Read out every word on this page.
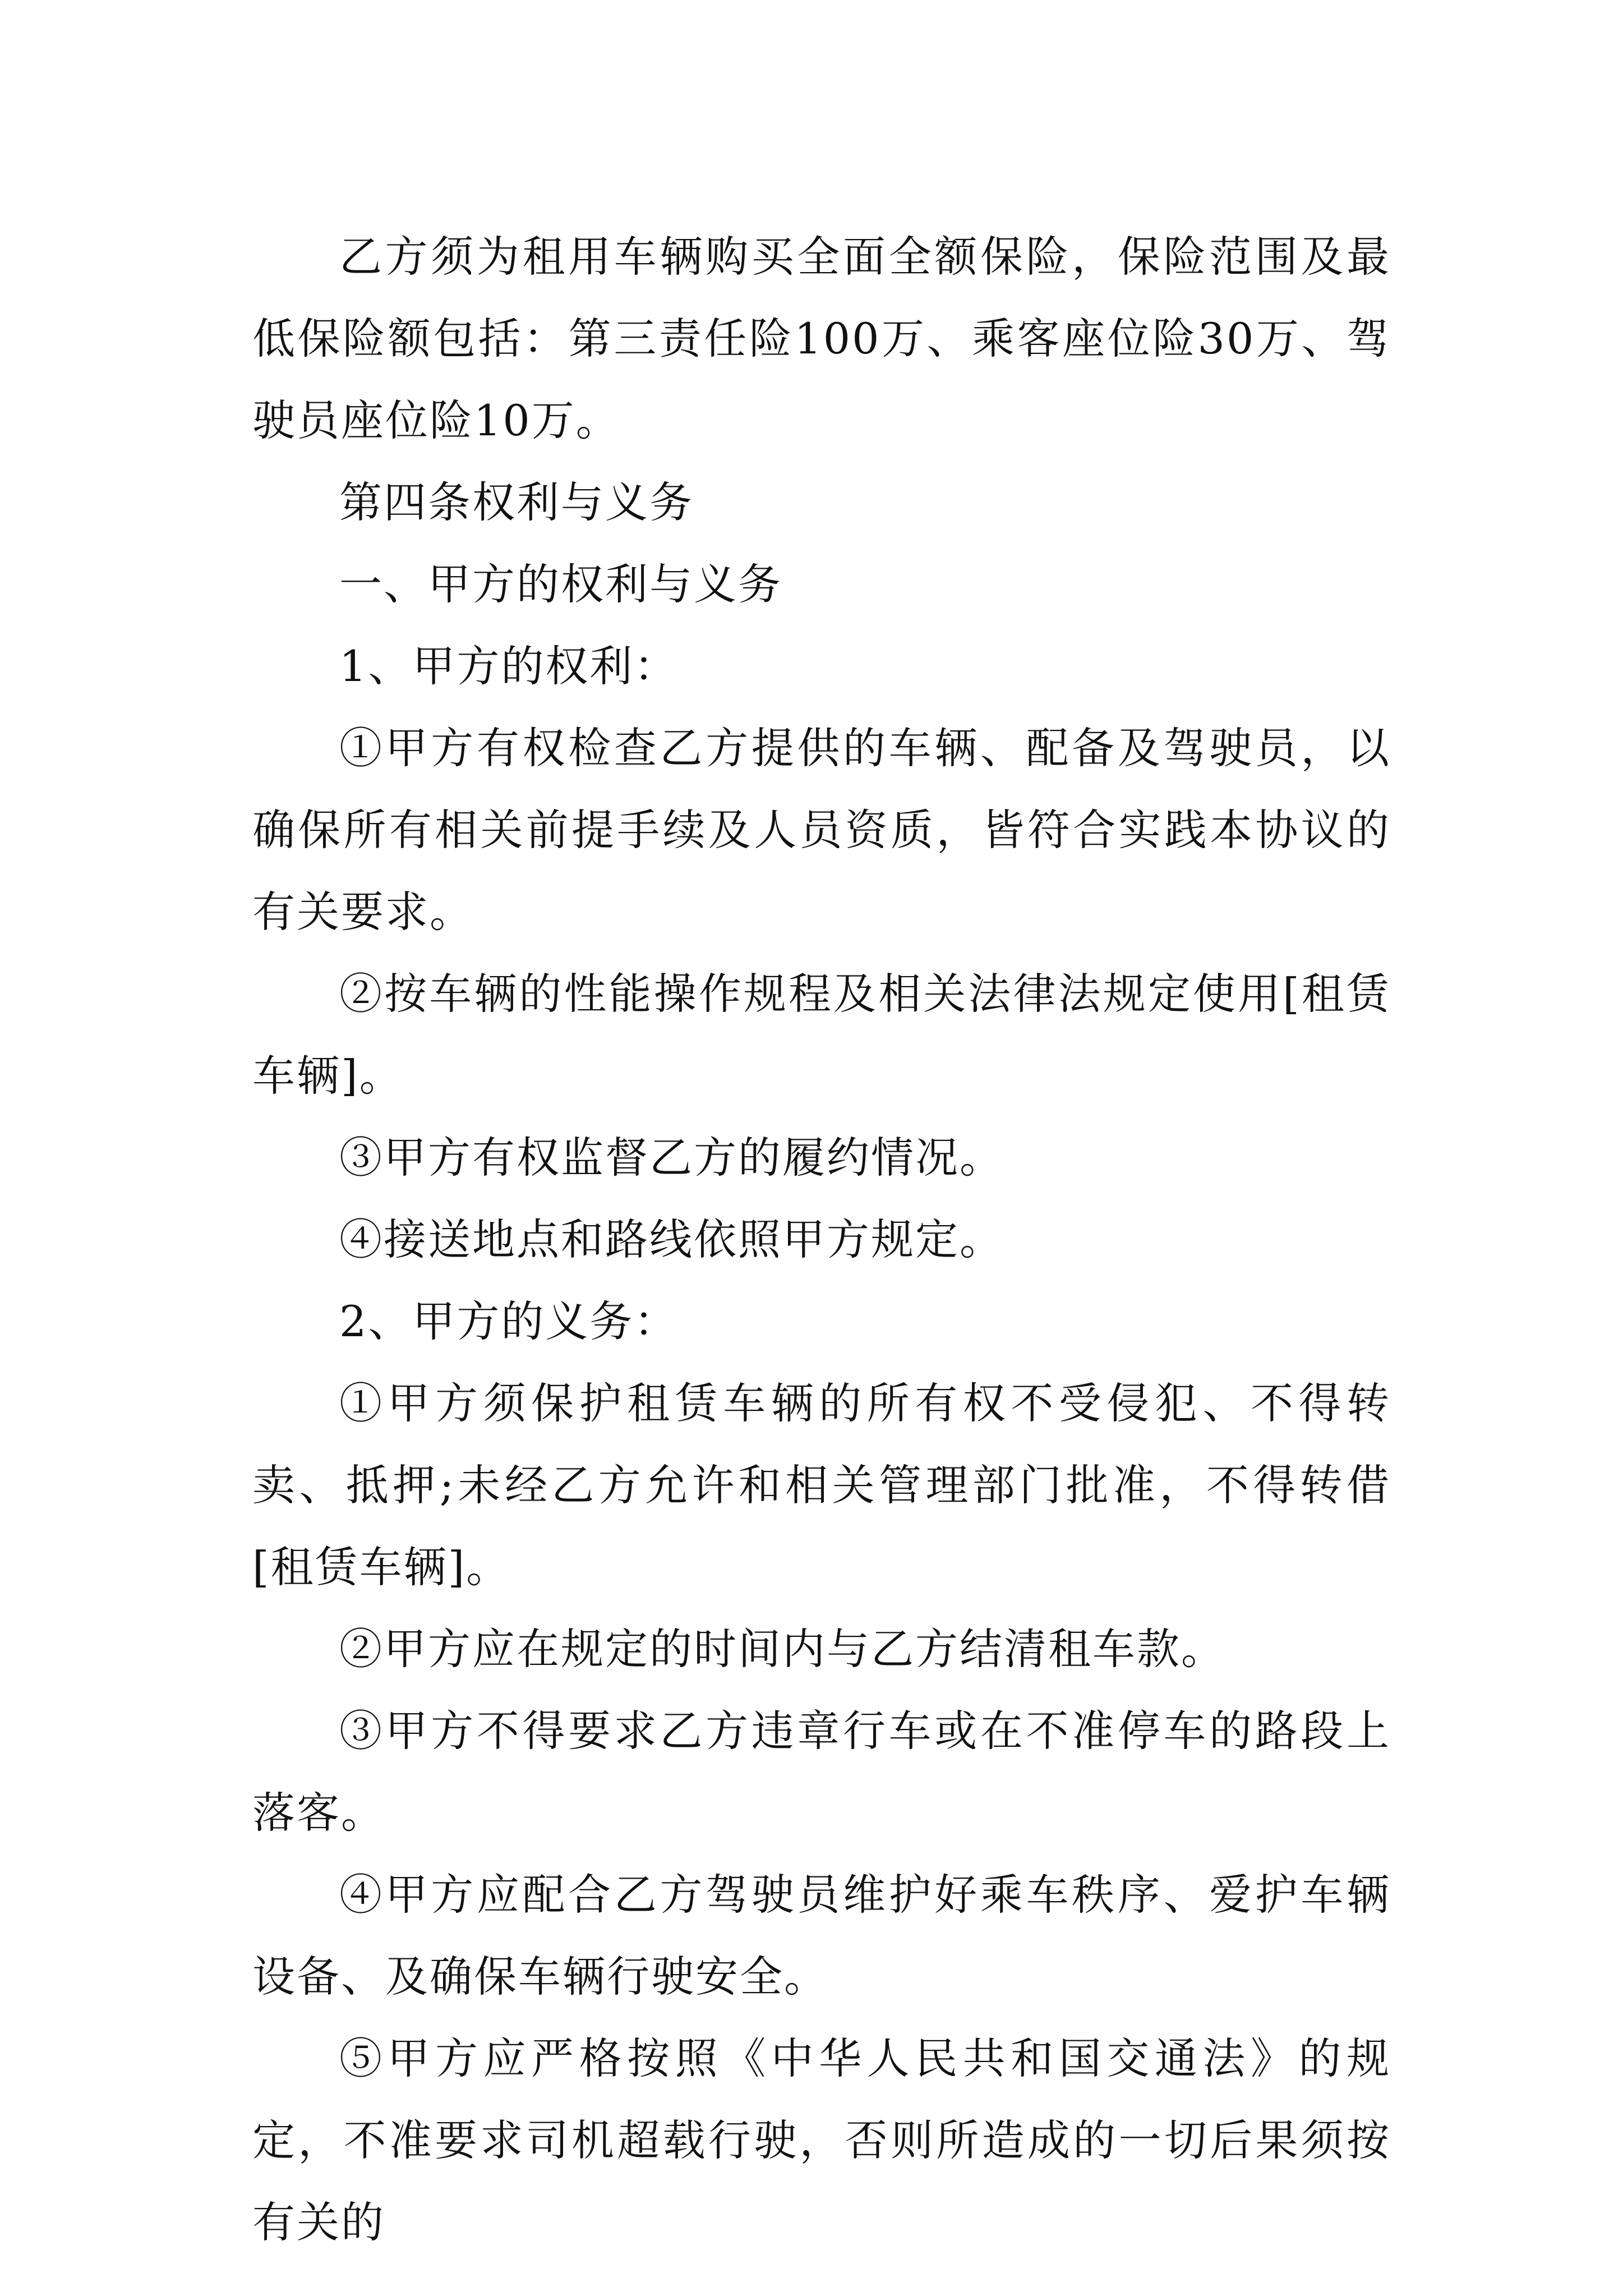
乙方须为租用车辆购买全面全额保险，保险范围及最低保险额包括：第三责任险100万、乘客座位险30万、驾驶员座位险10万。

第四条权利与义务

一、甲方的权利与义务

1、甲方的权利：

①甲方有权检查乙方提供的车辆、配备及驾驶员，以确保所有相关前提手续及人员资质，皆符合实践本协议的有关要求。

②按车辆的性能操作规程及相关法律法规定使用[租赁车辆]。

③甲方有权监督乙方的履约情况。

④接送地点和路线依照甲方规定。

2、甲方的义务：

①甲方须保护租赁车辆的所有权不受侵犯、不得转卖、抵押;未经乙方允许和相关管理部门批准，不得转借[租赁车辆]。

②甲方应在规定的时间内与乙方结清租车款。

③甲方不得要求乙方违章行车或在不准停车的路段上落客。

④甲方应配合乙方驾驶员维护好乘车秩序、爱护车辆设备、及确保车辆行驶安全。

⑤甲方应严格按照《中华人民共和国交通法》的规定，不准要求司机超载行驶，否则所造成的一切后果须按有关的
